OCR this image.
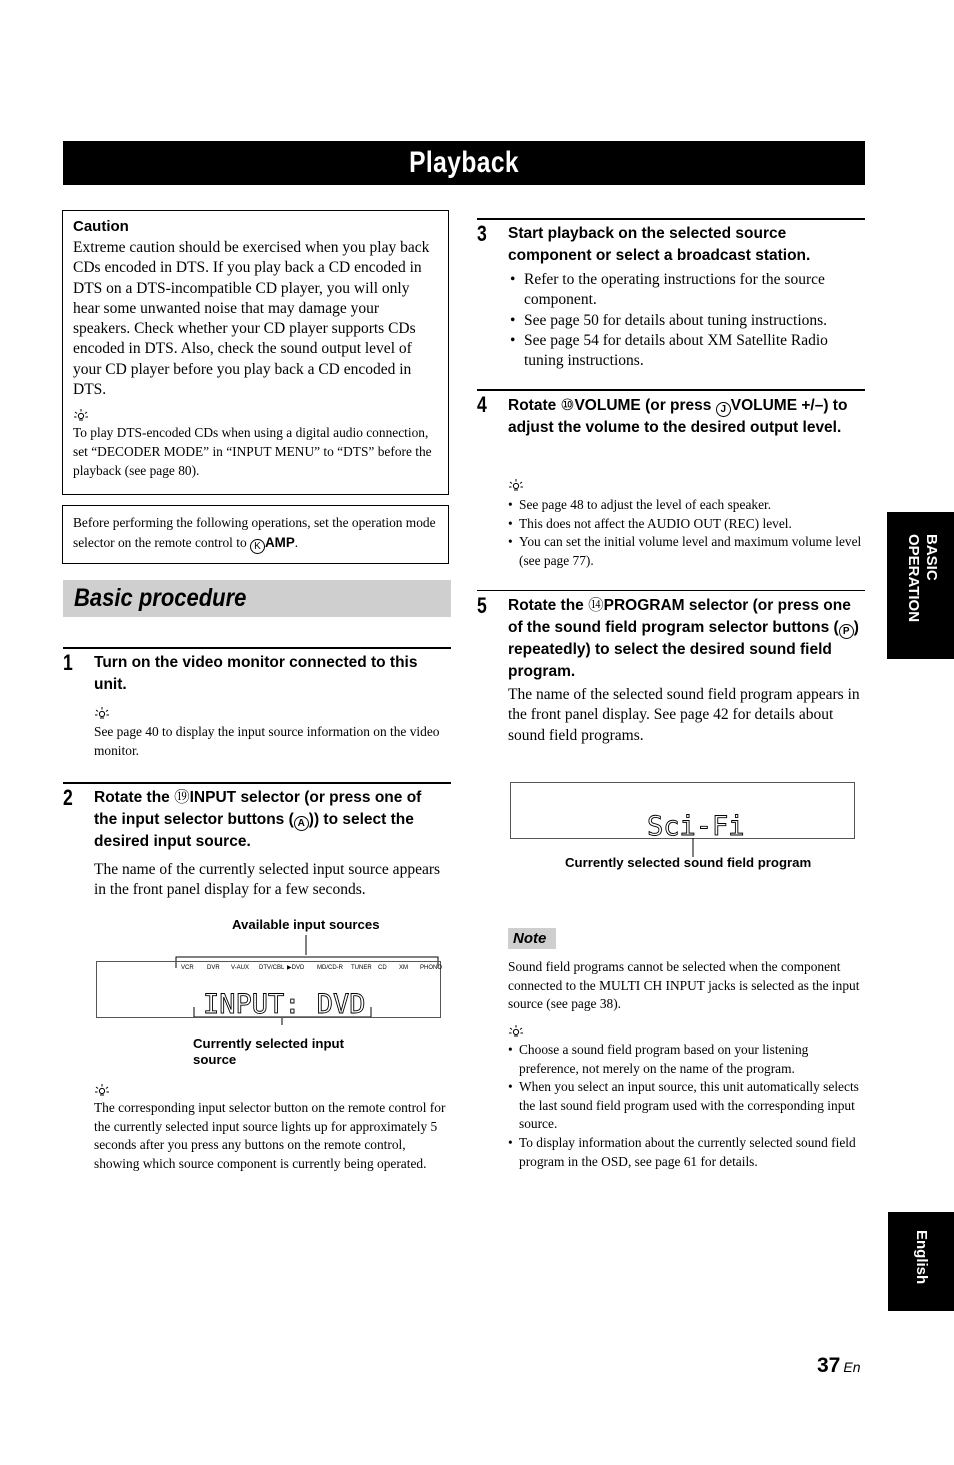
Playback
BASIC OPERATION
English
Caution
Extreme caution should be exercised when you play back CDs encoded in DTS. If you play back a CD encoded in DTS on a DTS-incompatible CD player, you will only hear some unwanted noise that may damage your speakers. Check whether your CD player supports CDs encoded in DTS. Also, check the sound output level of your CD player before you play back a CD encoded in DTS.
To play DTS-encoded CDs when using a digital audio connection, set “DECODER MODE” in “INPUT MENU” to “DTS” before the playback (see page 80).
Before performing the following operations, set the operation mode selector on the remote control to K AMP.
Basic procedure
1 Turn on the video monitor connected to this unit.
See page 40 to display the input source information on the video monitor.
2 Rotate the ⑲INPUT selector (or press one of the input selector buttons ( A )) to select the desired input source.
The name of the currently selected input source appears in the front panel display for a few seconds.
Available input sources
VCR DVR V-AUX DTV/CBL ▶DVD MD/CD-R TUNER CD XM PHONO
INPUT: DVD
Currently selected input source
The corresponding input selector button on the remote control for the currently selected input source lights up for approximately 5 seconds after you press any buttons on the remote control, showing which source component is currently being operated.
3 Start playback on the selected source component or select a broadcast station.
• Refer to the operating instructions for the source component.
• See page 50 for details about tuning instructions.
• See page 54 for details about XM Satellite Radio tuning instructions.
4 Rotate ⑩VOLUME (or press J VOLUME +/–) to adjust the volume to the desired output level.
• See page 48 to adjust the level of each speaker.
• This does not affect the AUDIO OUT (REC) level.
• You can set the initial volume level and maximum volume level (see page 77).
5 Rotate the ⑭PROGRAM selector (or press one of the sound field program selector buttons ( P ) repeatedly) to select the desired sound field program.
The name of the selected sound field program appears in the front panel display. See page 42 for details about sound field programs.
Sci-Fi
Currently selected sound field program
Note
Sound field programs cannot be selected when the component connected to the MULTI CH INPUT jacks is selected as the input source (see page 38).
• Choose a sound field program based on your listening preference, not merely on the name of the program.
• When you select an input source, this unit automatically selects the last sound field program used with the corresponding input source.
• To display information about the currently selected sound field program in the OSD, see page 61 for details.
37 En
